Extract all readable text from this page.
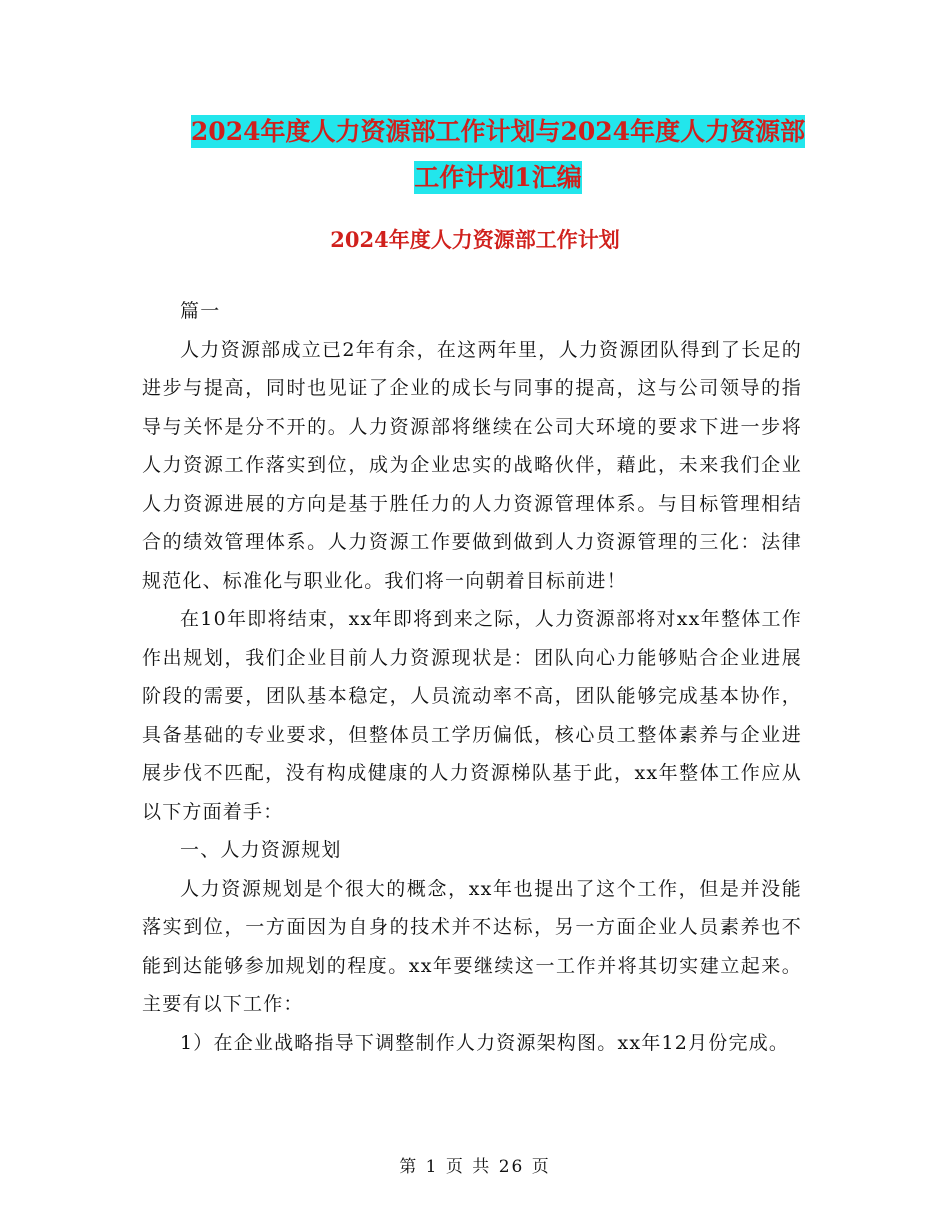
2024年度人力资源部工作计划与2024年度人力资源部
工作计划1汇编
2024年度人力资源部工作计划

篇一

人力资源部成立已2年有余，在这两年里，人力资源团队得到了长足的进步与提高，同时也见证了企业的成长与同事的提高，这与公司领导的指导与关怀是分不开的。人力资源部将继续在公司大环境的要求下进一步将人力资源工作落实到位，成为企业忠实的战略伙伴，藉此，未来我们企业人力资源进展的方向是基于胜任力的人力资源管理体系。与目标管理相结合的绩效管理体系。人力资源工作要做到做到人力资源管理的三化：法律规范化、标准化与职业化。我们将一向朝着目标前进！

在10年即将结束，xx年即将到来之际，人力资源部将对xx年整体工作作出规划，我们企业目前人力资源现状是：团队向心力能够贴合企业进展阶段的需要，团队基本稳定，人员流动率不高，团队能够完成基本协作，具备基础的专业要求，但整体员工学历偏低，核心员工整体素养与企业进展步伐不匹配，没有构成健康的人力资源梯队基于此，xx年整体工作应从以下方面着手：

一、人力资源规划

人力资源规划是个很大的概念，xx年也提出了这个工作，但是并没能落实到位，一方面因为自身的技术并不达标，另一方面企业人员素养也不能到达能够参加规划的程度。xx年要继续这一工作并将其切实建立起来。主要有以下工作：

1）在企业战略指导下调整制作人力资源架构图。xx年12月份完成。

第 1 页 共 26 页
